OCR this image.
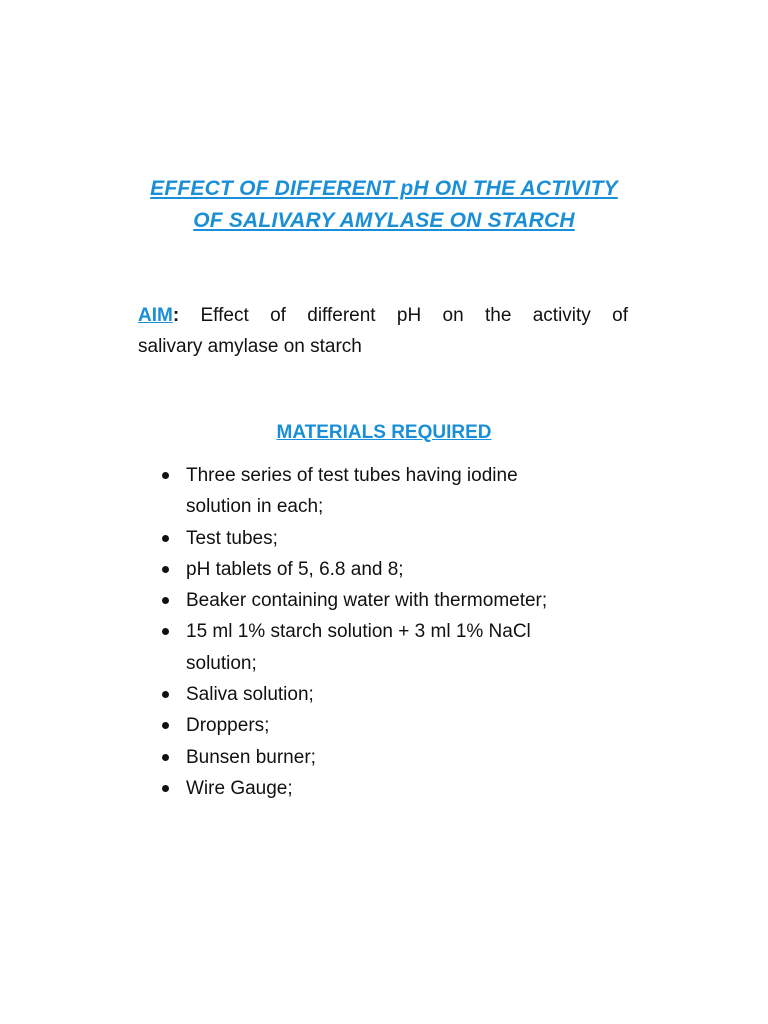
EFFECT OF DIFFERENT pH ON THE ACTIVITY
OF SALIVARY AMYLASE ON STARCH
AIM: Effect of different pH on the activity of
salivary amylase on starch
MATERIALS REQUIRED
Three series of test tubes having iodine
solution in each;
Test tubes;
pH tablets of 5, 6.8 and 8;
Beaker containing water with thermometer;
15 ml 1% starch solution + 3 ml 1% NaCl
solution;
Saliva solution;
Droppers;
Bunsen burner;
Wire Gauge;
